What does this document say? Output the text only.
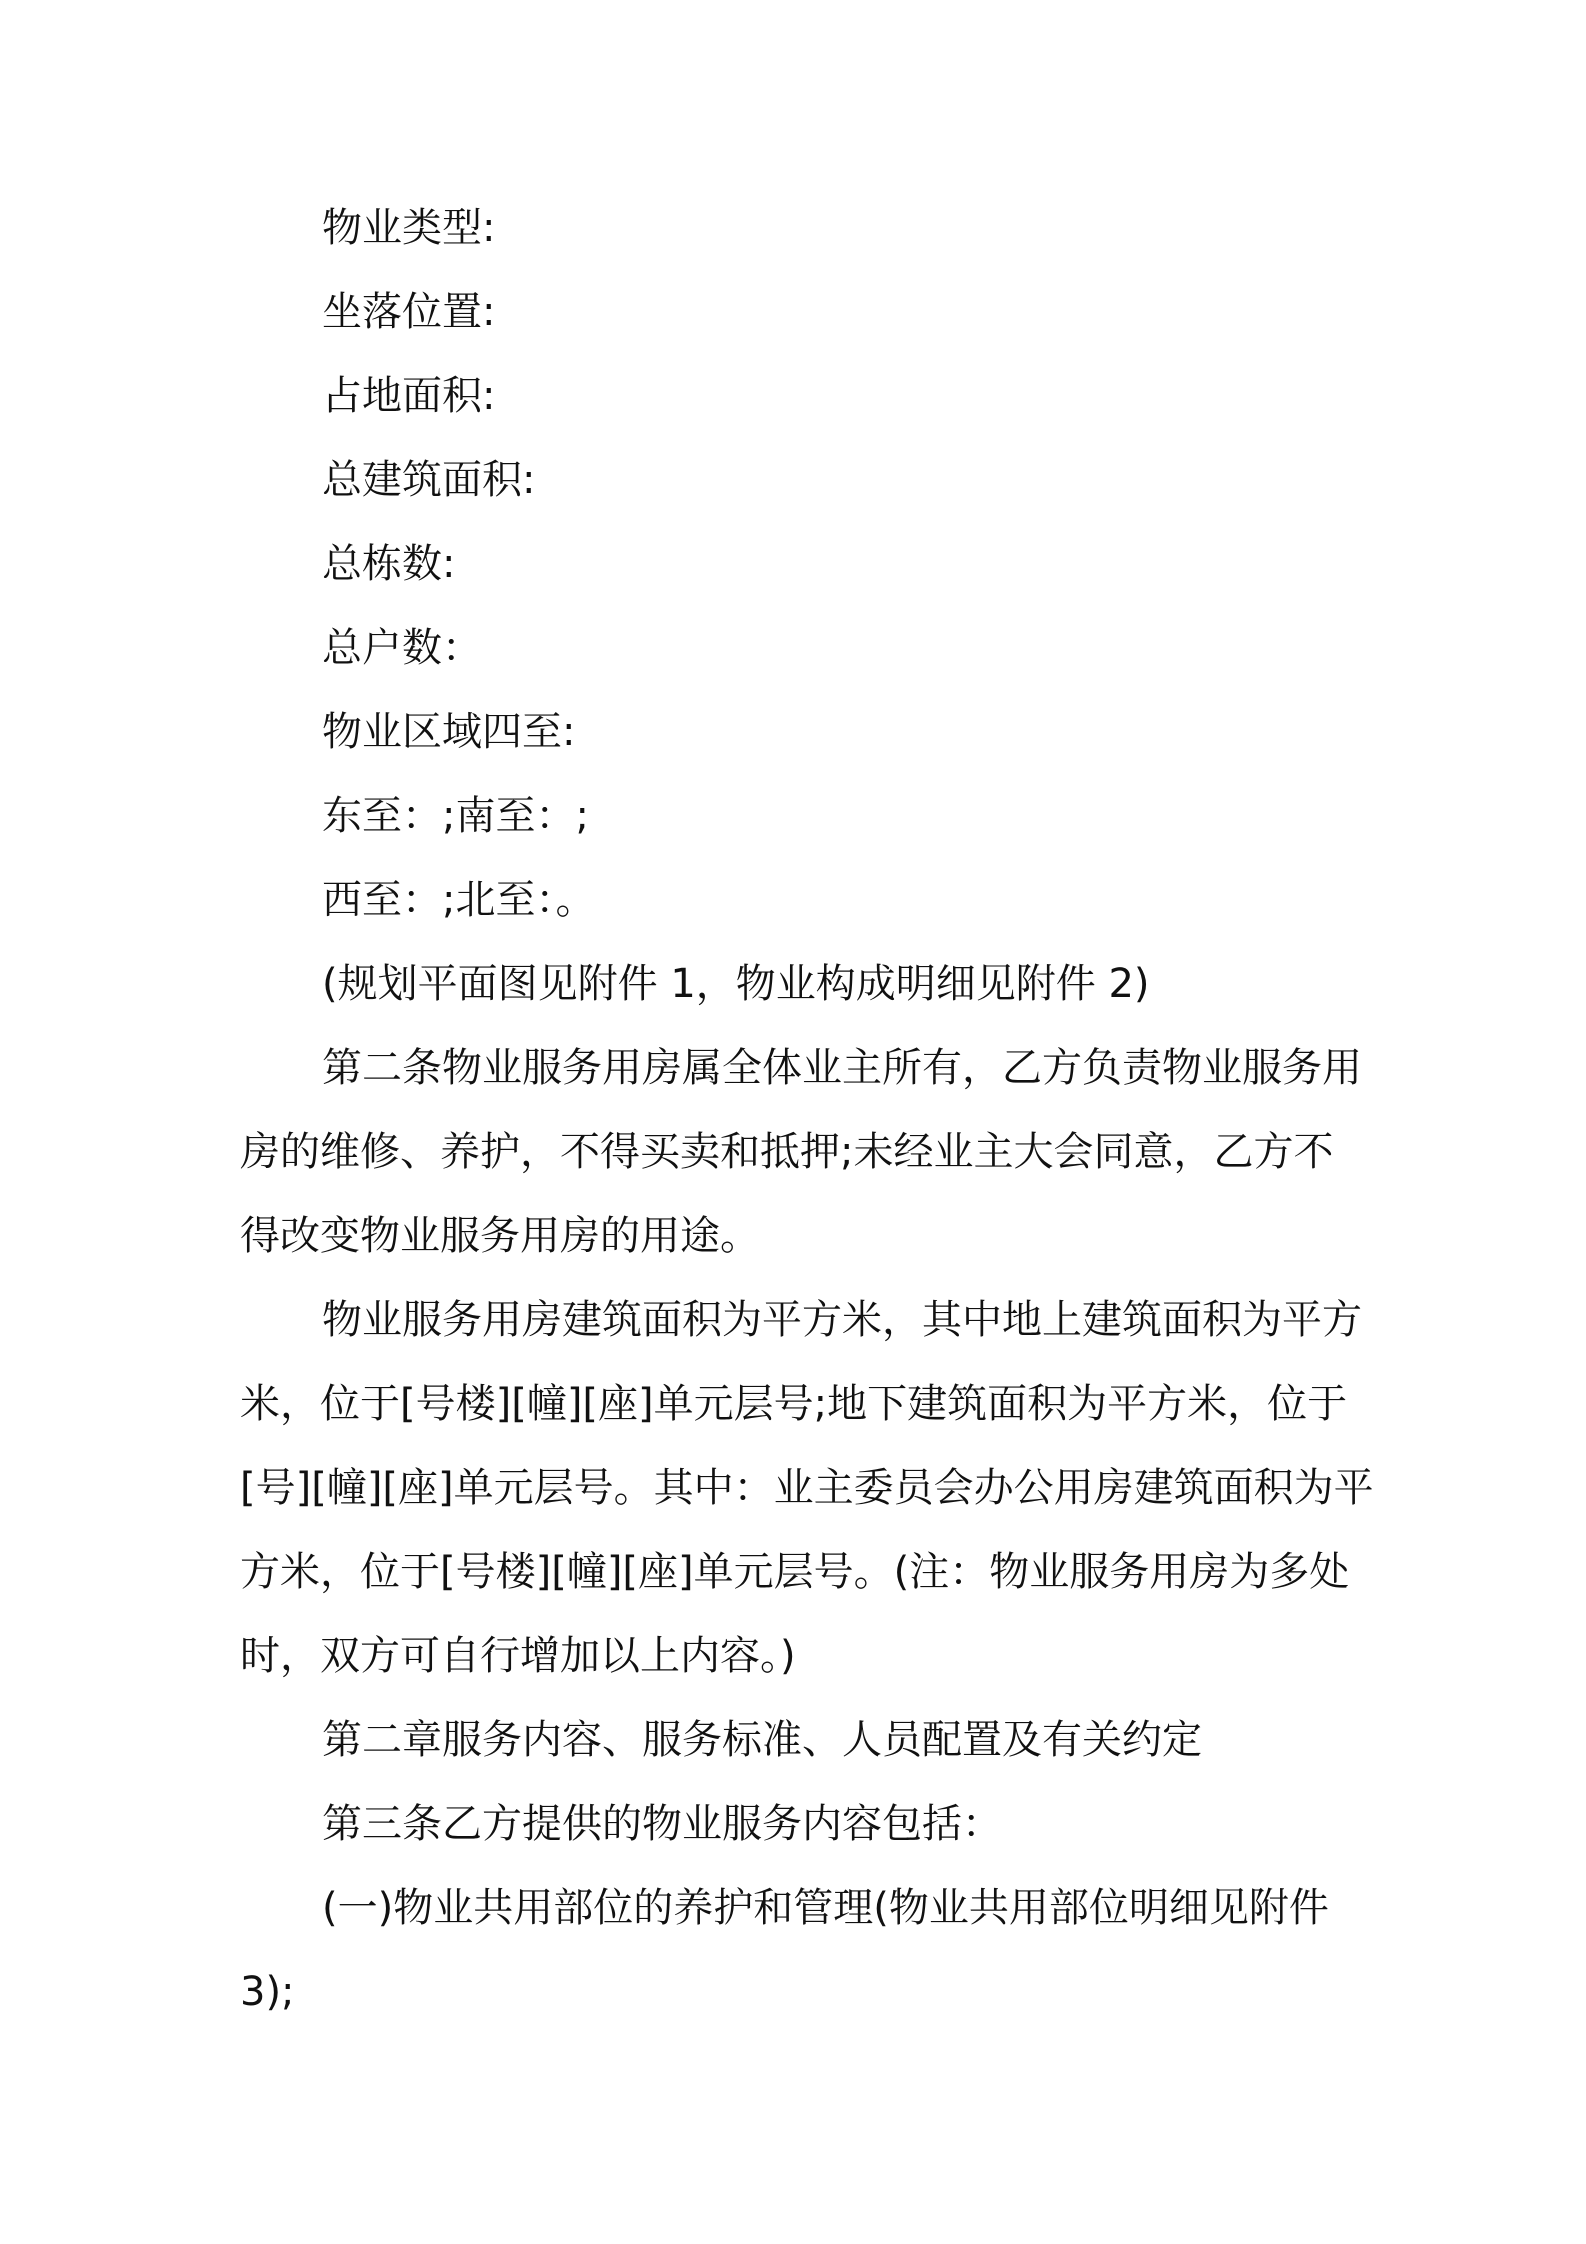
物业类型:
坐落位置:
占地面积:
总建筑面积:
总栋数:
总户数：
物业区域四至:
东至：;南至：;
西至：;北至：。
(规划平面图见附件 1，物业构成明细见附件 2)
第二条物业服务用房属全体业主所有，乙方负责物业服务用
房的维修、养护，不得买卖和抵押;未经业主大会同意，乙方不
得改变物业服务用房的用途。
物业服务用房建筑面积为平方米，其中地上建筑面积为平方
米，位于[号楼][幢][座]单元层号;地下建筑面积为平方米，位于
[号][幢][座]单元层号。其中：业主委员会办公用房建筑面积为平
方米，位于[号楼][幢][座]单元层号。(注：物业服务用房为多处
时，双方可自行增加以上内容。)
第二章服务内容、服务标准、人员配置及有关约定
第三条乙方提供的物业服务内容包括：
(一)物业共用部位的养护和管理(物业共用部位明细见附件
3);
